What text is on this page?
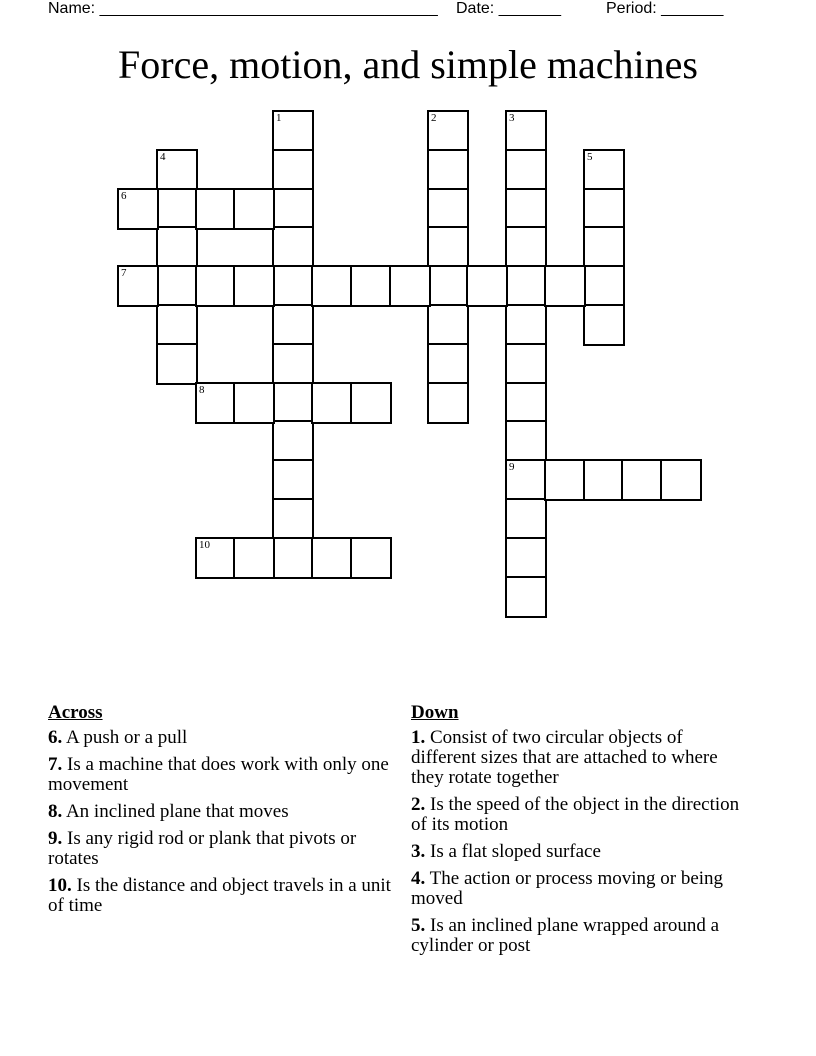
Name: ______________________________________ Date: _______	Period: _______
Force, motion, and simple machines
1	2	3
9
4	5
6
7
8
10
Across
6. A push or a pull
7. Is a machine that does work with only one movement
8. An inclined plane that moves
9. Is any rigid rod or plank that pivots or rotates
10. Is the distance and object travels in a unit of time
Down
1. Consist of two circular objects of different sizes that are attached to where they rotate together
2. Is the speed of the object in the direction of its motion
3. Is a flat sloped surface
4. The action or process moving or being moved
5. Is an inclined plane wrapped around a cylinder or post
